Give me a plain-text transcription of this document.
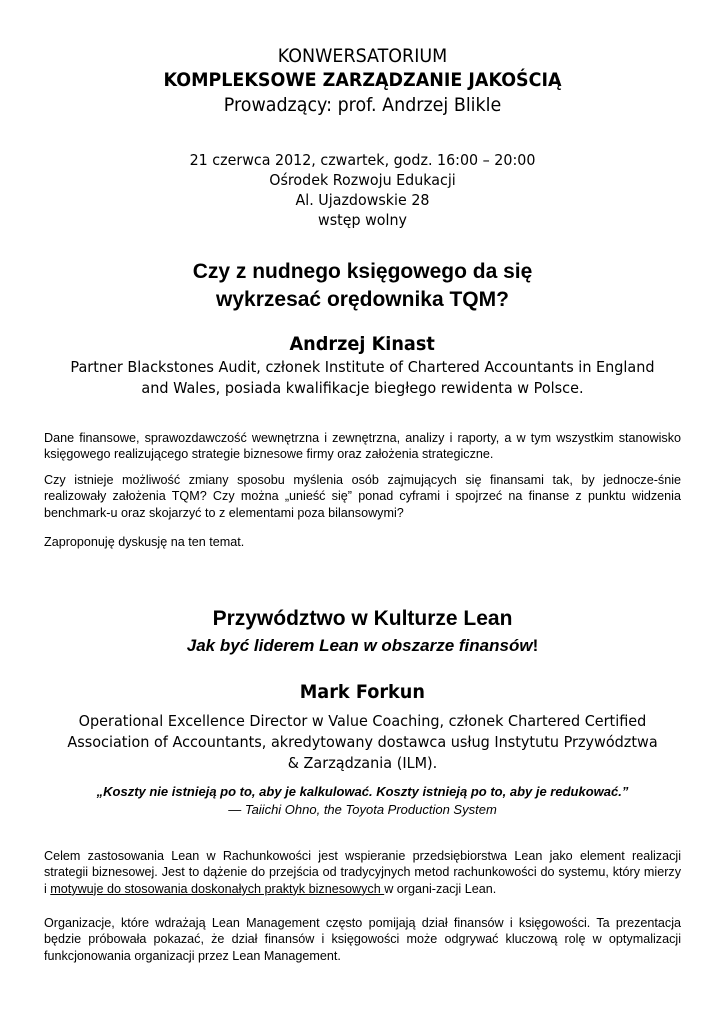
KONWERSATORIUM
KOMPLEKSOWE ZARZĄDZANIE JAKOŚCIĄ
Prowadzący: prof. Andrzej Blikle
21 czerwca 2012, czwartek, godz. 16:00 – 20:00
Ośrodek Rozwoju Edukacji
Al. Ujazdowskie 28
wstęp wolny
Czy z nudnego księgowego da się
wykrzesać orędownika TQM?
Andrzej Kinast
Partner Blackstones Audit, członek Institute of Chartered Accountants in England
and Wales, posiada kwalifikacje biegłego rewidenta w Polsce.
Dane finansowe, sprawozdawczość wewnętrzna i zewnętrzna, analizy i raporty, a w tym wszystkim stanowisko księgowego realizującego strategie biznesowe firmy oraz założenia strategiczne.
Czy istnieje możliwość zmiany sposobu myślenia osób zajmujących się finansami tak, by jednocze-śnie realizowały założenia TQM? Czy można „unieść się” ponad cyframi i spojrzeć na finanse z punktu widzenia benchmark-u oraz skojarzyć to z elementami poza bilansowymi?
Zaproponuję dyskusję na ten temat.
Przywództwo w Kulturze Lean
Jak być liderem Lean w obszarze finansów!
Mark Forkun
Operational Excellence Director w Value Coaching, członek Chartered Certified
Association of Accountants, akredytowany dostawca usług Instytutu Przywództwa
& Zarządzania (ILM).
„Koszty nie istnieją po to, aby je kalkulować. Koszty istnieją po to, aby je redukować.”
— Taiichi Ohno, the Toyota Production System
Celem zastosowania Lean w Rachunkowości jest wspieranie przedsiębiorstwa Lean jako element realizacji strategii biznesowej. Jest to dążenie do przejścia od tradycyjnych metod rachunkowości do systemu, który mierzy i motywuje do stosowania doskonałych praktyk biznesowych w organi-zacji Lean.
Organizacje, które wdrażają Lean Management często pomijają dział finansów i księgowości. Ta prezentacja będzie próbowała pokazać, że dział finansów i księgowości może odgrywać kluczową rolę w optymalizacji funkcjonowania organizacji przez Lean Management.
